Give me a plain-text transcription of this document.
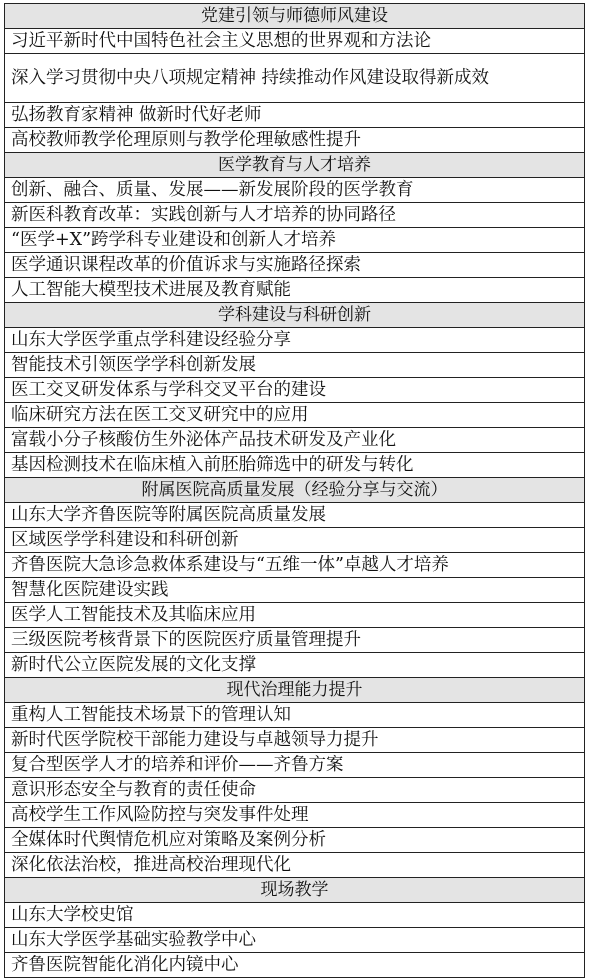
党建引领与师德师风建设
习近平新时代中国特色社会主义思想的世界观和方法论
深入学习贯彻中央八项规定精神 持续推动作风建设取得新成效
弘扬教育家精神 做新时代好老师
高校教师教学伦理原则与教学伦理敏感性提升
医学教育与人才培养
创新、融合、质量、发展——新发展阶段的医学教育
新医科教育改革：实践创新与人才培养的协同路径
“医学+X”跨学科专业建设和创新人才培养
医学通识课程改革的价值诉求与实施路径探索
人工智能大模型技术进展及教育赋能
学科建设与科研创新
山东大学医学重点学科建设经验分享
智能技术引领医学学科创新发展
医工交叉研发体系与学科交叉平台的建设
临床研究方法在医工交叉研究中的应用
富载小分子核酸仿生外泌体产品技术研发及产业化
基因检测技术在临床植入前胚胎筛选中的研发与转化
附属医院高质量发展（经验分享与交流）
山东大学齐鲁医院等附属医院高质量发展
区域医学学科建设和科研创新
齐鲁医院大急诊急救体系建设与“五维一体”卓越人才培养
智慧化医院建设实践
医学人工智能技术及其临床应用
三级医院考核背景下的医院医疗质量管理提升
新时代公立医院发展的文化支撑
现代治理能力提升
重构人工智能技术场景下的管理认知
新时代医学院校干部能力建设与卓越领导力提升
复合型医学人才的培养和评价——齐鲁方案
意识形态安全与教育的责任使命
高校学生工作风险防控与突发事件处理
全媒体时代舆情危机应对策略及案例分析
深化依法治校，推进高校治理现代化
现场教学
山东大学校史馆
山东大学医学基础实验教学中心
齐鲁医院智能化消化内镜中心
